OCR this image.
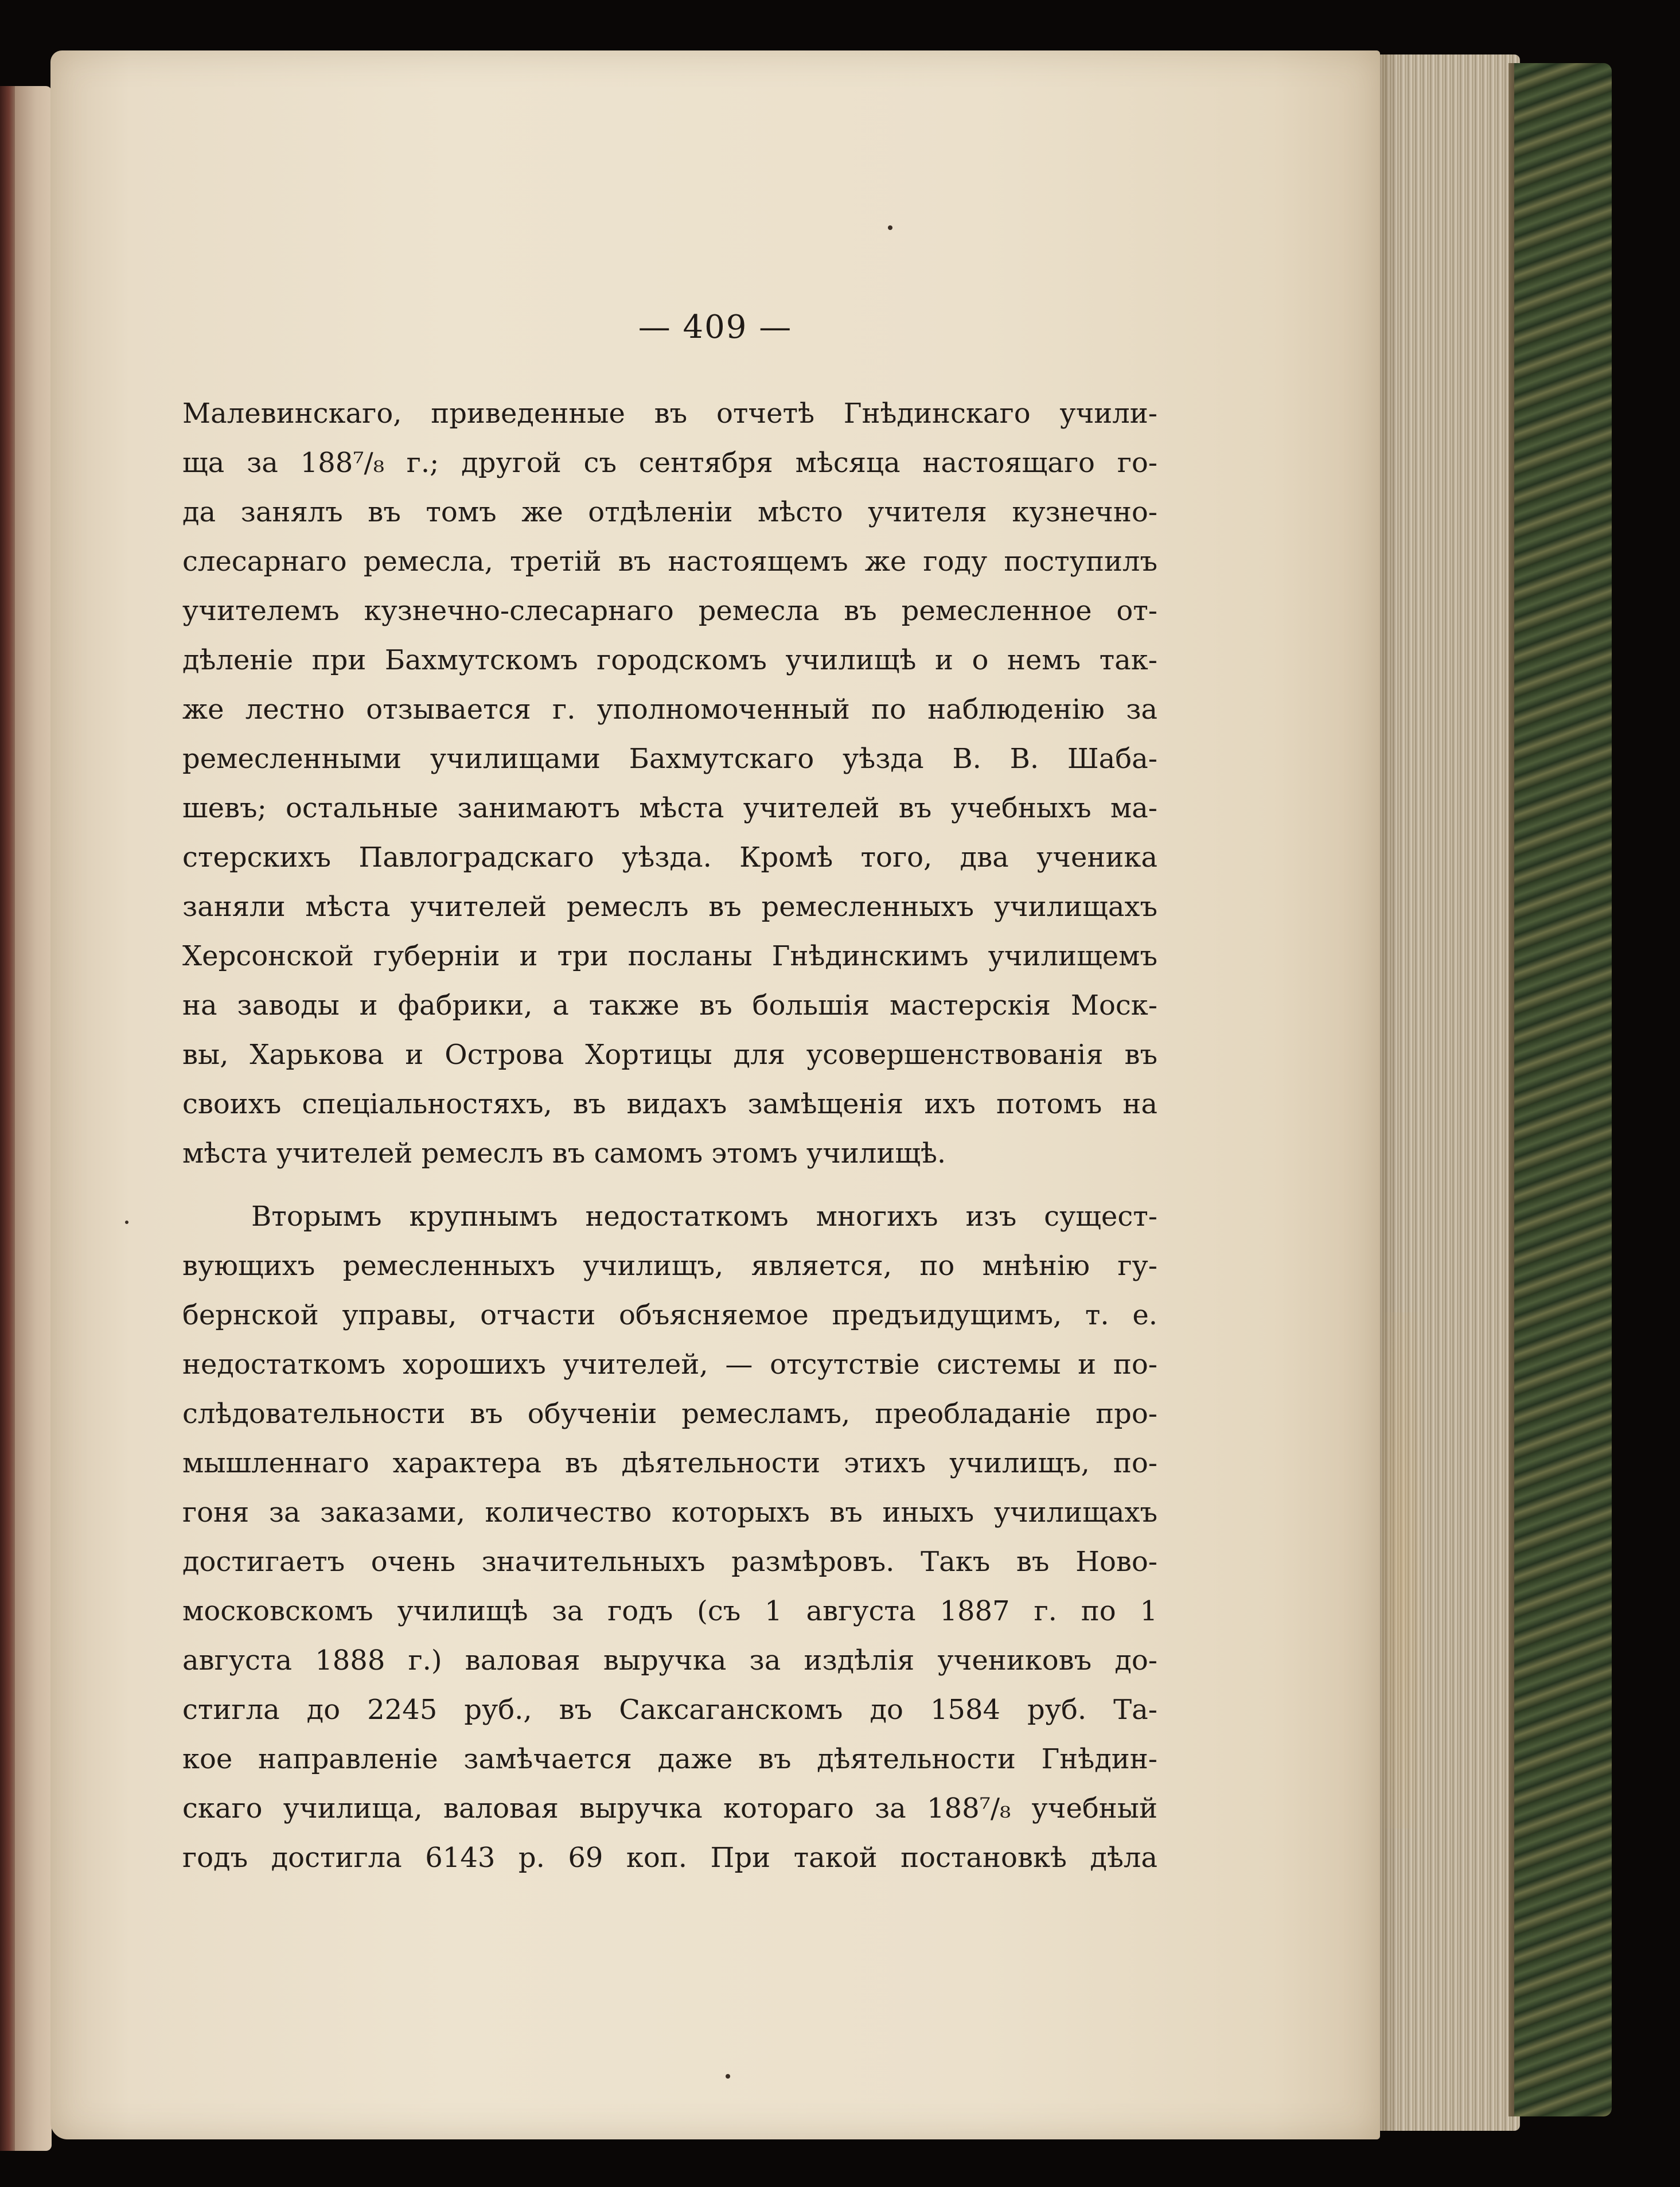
— 409 —
Малевинскаго, приведенные въ отчетѣ Гнѣдинскаго учили-
ща за 188⁷/₈ г.; другой съ сентября мѣсяца настоящаго го-
да занялъ въ томъ же отдѣленіи мѣсто учителя кузнечно-
слесарнаго ремесла, третій въ настоящемъ же году поступилъ
учителемъ кузнечно-слесарнаго ремесла въ ремесленное от-
дѣленіе при Бахмутскомъ городскомъ училищѣ и о немъ так-
же лестно отзывается г. уполномоченный по наблюденію за
ремесленными училищами Бахмутскаго уѣзда В. В. Шаба-
шевъ; остальные занимаютъ мѣста учителей въ учебныхъ ма-
стерскихъ Павлоградскаго уѣзда. Кромѣ того, два ученика
заняли мѣста учителей ремеслъ въ ремесленныхъ училищахъ
Херсонской губерніи и три посланы Гнѣдинскимъ училищемъ
на заводы и фабрики, а также въ большія мастерскія Моск-
вы, Харькова и Острова Хортицы для усовершенствованія въ
своихъ спеціальностяхъ, въ видахъ замѣщенія ихъ потомъ на
мѣста учителей ремеслъ въ самомъ этомъ училищѣ.
Вторымъ крупнымъ недостаткомъ многихъ изъ сущест-
вующихъ ремесленныхъ училищъ, является, по мнѣнію гу-
бернской управы, отчасти объясняемое предъидущимъ, т. е.
недостаткомъ хорошихъ учителей, — отсутствіе системы и по-
слѣдовательности въ обученіи ремесламъ, преобладаніе про-
мышленнаго характера въ дѣятельности этихъ училищъ, по-
гоня за заказами, количество которыхъ въ иныхъ училищахъ
достигаетъ очень значительныхъ размѣровъ. Такъ въ Ново-
московскомъ училищѣ за годъ (съ 1 августа 1887 г. по 1
августа 1888 г.) валовая выручка за издѣлія учениковъ до-
стигла до 2245 руб., въ Саксаганскомъ до 1584 руб. Та-
кое направленіе замѣчается даже въ дѣятельности Гнѣдин-
скаго училища, валовая выручка котораго за 188⁷/₈ учебный
годъ достигла 6143 р. 69 коп. При такой постановкѣ дѣла
